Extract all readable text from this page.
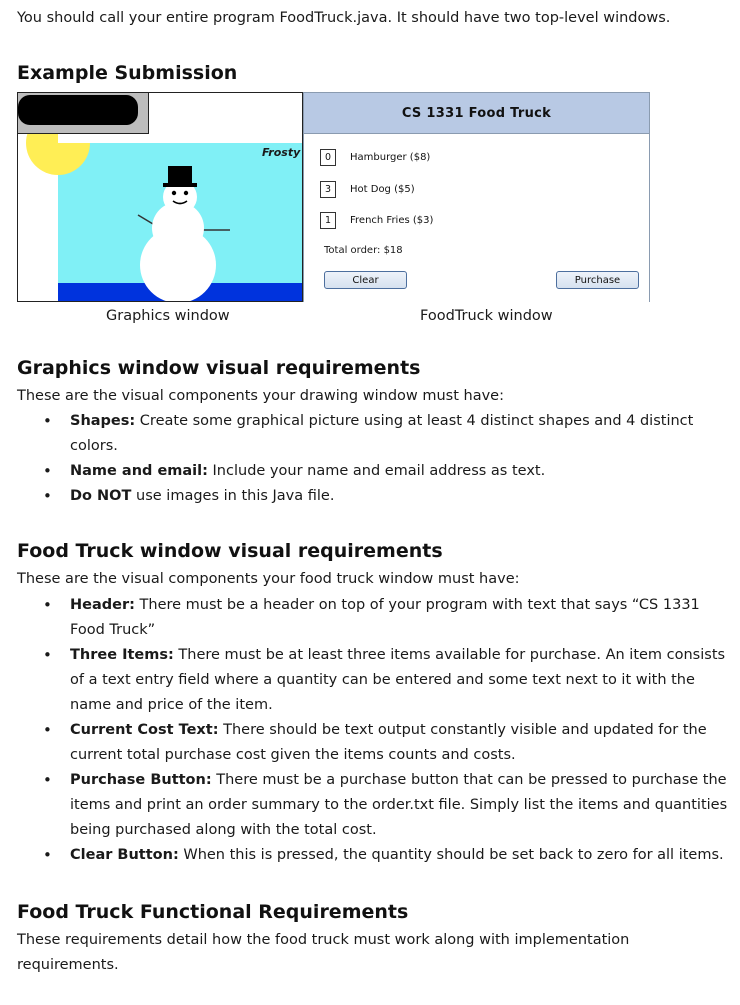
You should call your entire program FoodTruck.java. It should have two top-level windows.
Example Submission
Frosty
CS 1331 Food Truck
0	Hamburger ($8)
3	Hot Dog ($5)
1	French Fries ($3)
Total order: $18
Clear	Purchase
Graphics window	FoodTruck window
Graphics window visual requirements
These are the visual components your drawing window must have:
• Shapes: Create some graphical picture using at least 4 distinct shapes and 4 distinct colors.
• Name and email: Include your name and email address as text.
• Do NOT use images in this Java file.
Food Truck window visual requirements
These are the visual components your food truck window must have:
• Header: There must be a header on top of your program with text that says “CS 1331 Food Truck”
• Three Items: There must be at least three items available for purchase. An item consists of a text entry field where a quantity can be entered and some text next to it with the name and price of the item.
• Current Cost Text: There should be text output constantly visible and updated for the current total purchase cost given the items counts and costs.
• Purchase Button: There must be a purchase button that can be pressed to purchase the items and print an order summary to the order.txt file. Simply list the items and quantities being purchased along with the total cost.
• Clear Button: When this is pressed, the quantity should be set back to zero for all items.
Food Truck Functional Requirements
These requirements detail how the food truck must work along with implementation requirements.
